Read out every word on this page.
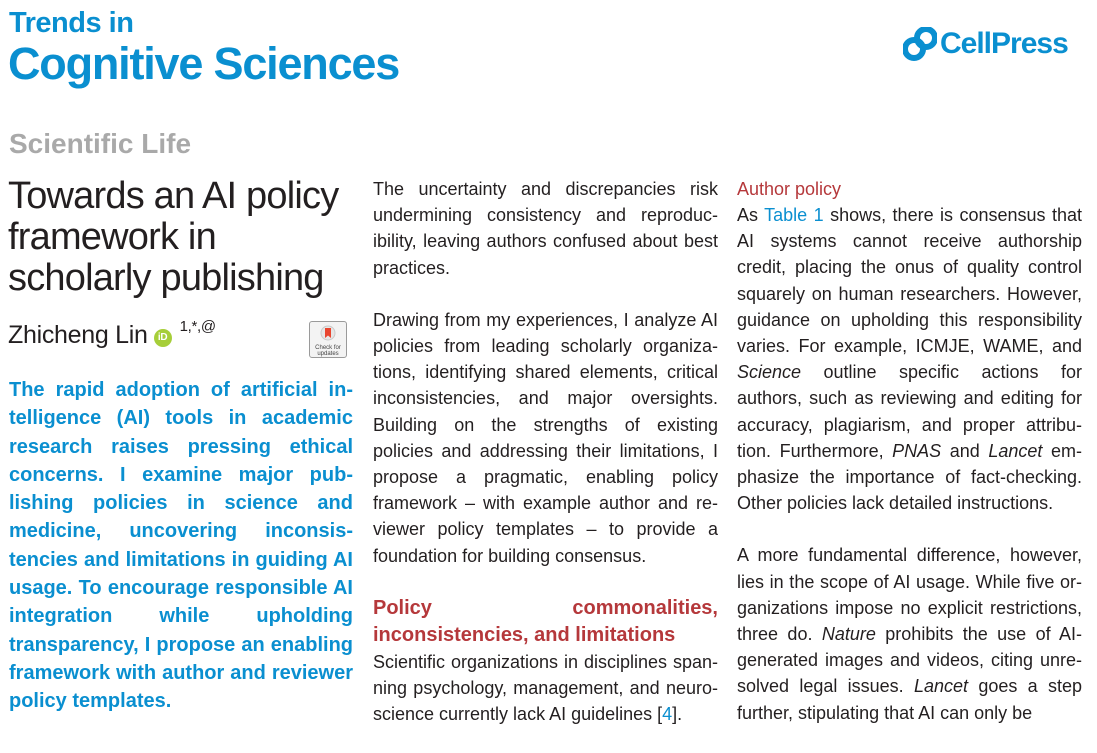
Trends in
Cognitive Sciences	CellPress
Scientific Life
Towards an AI policy framework in scholarly publishing
Zhicheng Lin $iD^{1,*,@}$
Check for
updates
The rapid adoption of artificial intelligence (AI) tools in academic research raises pressing ethical concerns. I examine major publishing policies in science and medicine, uncovering inconsistencies and limitations in guiding AI usage. To encourage responsible AI integration while upholding transparency, I propose an enabling framework with author and reviewer policy templates.

The uncertainty and discrepancies risk undermining consistency and reproducibility, leaving authors confused about best practices.

Drawing from my experiences, I analyze AI policies from leading scholarly organizations, identifying shared elements, critical inconsistencies, and major oversights. Building on the strengths of existing policies and addressing their limitations, I propose a pragmatic, enabling policy framework – with example author and reviewer policy templates – to provide a foundation for building consensus.

Policy commonalities, inconsistencies, and limitations

Scientific organizations in disciplines spanning psychology, management, and neuroscience currently lack AI guidelines [4].

Author policy

As Table 1 shows, there is consensus that AI systems cannot receive authorship credit, placing the onus of quality control squarely on human researchers. However, guidance on upholding this responsibility varies. For example, ICMJE, WAME, and Science outline specific actions for authors, such as reviewing and editing for accuracy, plagiarism, and proper attribution. Furthermore, PNAS and Lancet emphasize the importance of fact-checking. Other policies lack detailed instructions.

A more fundamental difference, however, lies in the scope of AI usage. While five organizations impose no explicit restrictions, three do. Nature prohibits the use of AI-generated images and videos, citing unresolved legal issues. Lancet goes a step further, stipulating that AI can only be
